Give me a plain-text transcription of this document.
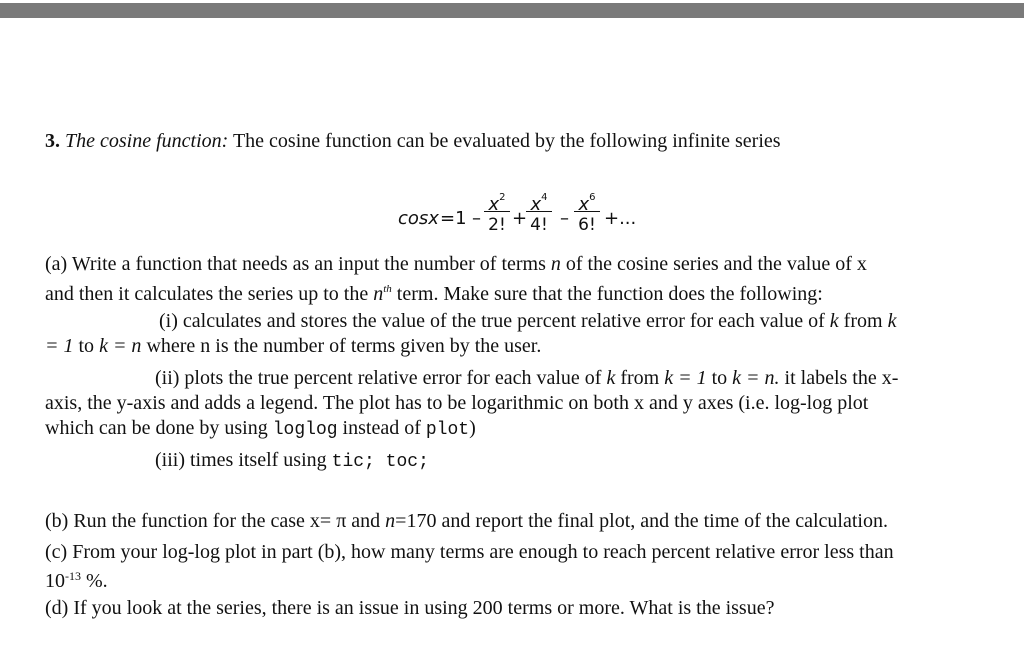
3. The cosine function: The cosine function can be evaluated by the following infinite series
cosx =1 –
$x^2$
2! +
$x^4$
4! –
$x^6$
6! +...
(a) Write a function that needs as an input the number of terms n of the cosine series and the value of x
and then it calculates the series up to the $n^{th}$ term. Make sure that the function does the following:
(i) calculates and stores the value of the true percent relative error for each value of k from k
= 1 to k = n where n is the number of terms given by the user.
(ii) plots the true percent relative error for each value of k from k = 1 to k = n. it labels the x-
axis, the y-axis and adds a legend. The plot has to be logarithmic on both x and y axes (i.e. log-log plot
which can be done by using loglog instead of plot)
(iii) times itself using tic; toc;
(b) Run the function for the case x= π and n=170 and report the final plot, and the time of the calculation.
(c) From your log-log plot in part (b), how many terms are enough to reach percent relative error less than
$10^{-13}$ %.
(d) If you look at the series, there is an issue in using 200 terms or more. What is the issue?
